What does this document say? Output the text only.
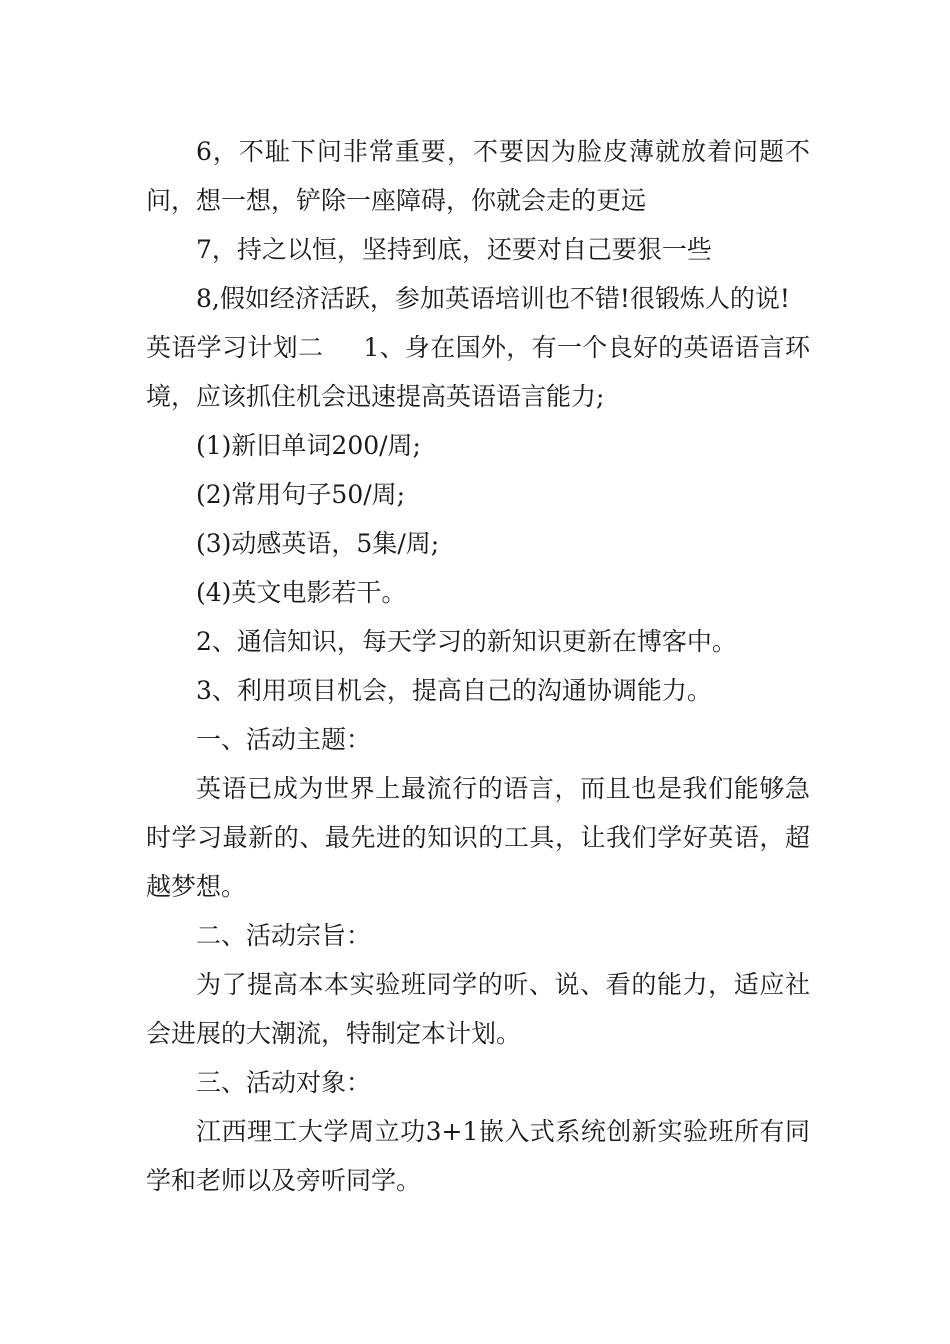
6，不耻下问非常重要，不要因为脸皮薄就放着问题不问，想一想，铲除一座障碍，你就会走的更远

7，持之以恒，坚持到底，还要对自己要狠一些

8,假如经济活跃，参加英语培训也不错!很锻炼人的说!

英语学习计划二 1、身在国外，有一个良好的英语语言环境，应该抓住机会迅速提高英语语言能力;

(1)新旧单词200/周;

(2)常用句子50/周;

(3)动感英语，5集/周;

(4)英文电影若干。

2、通信知识，每天学习的新知识更新在博客中。

3、利用项目机会，提高自己的沟通协调能力。

一、活动主题：

英语已成为世界上最流行的语言，而且也是我们能够急时学习最新的、最先进的知识的工具，让我们学好英语，超越梦想。

二、活动宗旨：

为了提高本本实验班同学的听、说、看的能力，适应社会进展的大潮流，特制定本计划。

三、活动对象：

江西理工大学周立功3+1嵌入式系统创新实验班所有同学和老师以及旁听同学。
